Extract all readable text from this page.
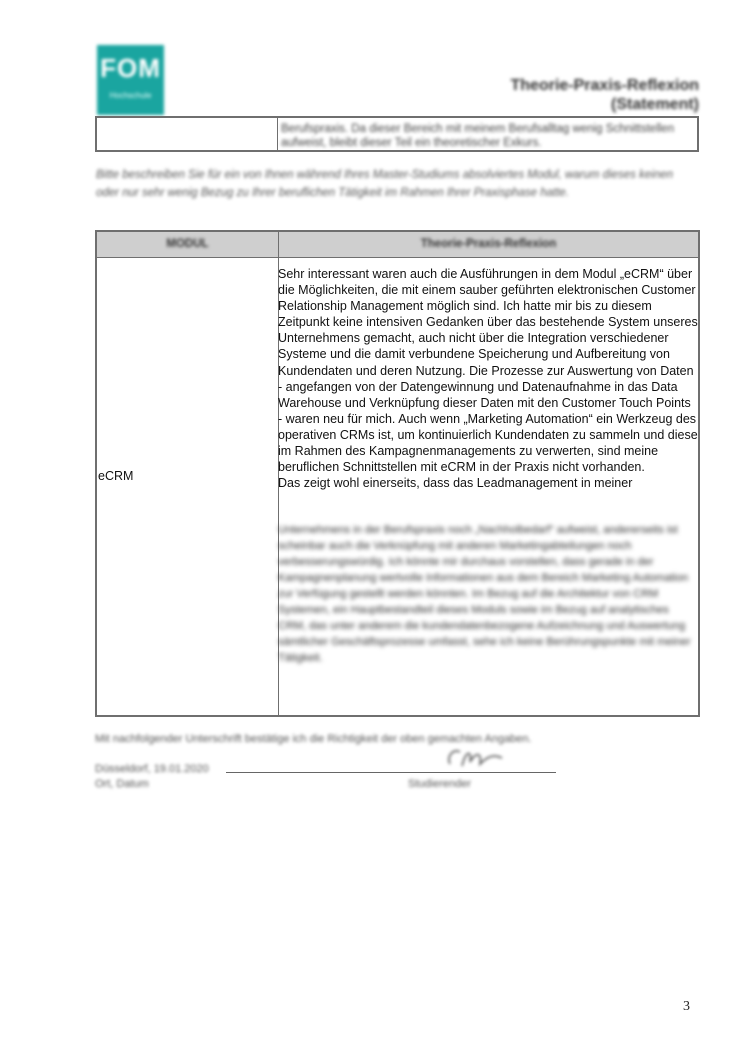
FOM
Hochschule
Theorie-Praxis-Reflexion
(Statement)
Berufspraxis. Da dieser Bereich mit meinem Berufsalltag wenig Schnittstellen aufweist, bleibt dieser Teil ein theoretischer Exkurs.
Bitte beschreiben Sie für ein von Ihnen während Ihres Master-Studiums absolviertes Modul, warum dieses keinen oder nur sehr wenig Bezug zu Ihrer beruflichen Tätigkeit im Rahmen Ihrer Praxisphase hatte.
MODUL	Theorie-Praxis-Reflexion
eCRM
Sehr interessant waren auch die Ausführungen in dem Modul „eCRM“ über die Möglichkeiten, die mit einem sauber geführten elektronischen Customer Relationship Management möglich sind. Ich hatte mir bis zu diesem Zeitpunkt keine intensiven Gedanken über das bestehende System unseres Unternehmens gemacht, auch nicht über die Integration verschiedener Systeme und die damit verbundene Speicherung und Aufbereitung von Kundendaten und deren Nutzung. Die Prozesse zur Auswertung von Daten - angefangen von der Datengewinnung und Datenaufnahme in das Data Warehouse und Verknüpfung dieser Daten mit den Customer Touch Points - waren neu für mich. Auch wenn „Marketing Automation“ ein Werkzeug des operativen CRMs ist, um kontinuierlich Kundendaten zu sammeln und diese im Rahmen des Kampagnenmanagements zu verwerten, sind meine beruflichen Schnittstellen mit eCRM in der Praxis nicht vorhanden.
Das zeigt wohl einerseits, dass das Leadmanagement in meiner
Unternehmens in der Berufspraxis noch „Nachholbedarf“ aufweist, andererseits ist scheinbar auch die Verknüpfung mit anderen Marketingabteilungen noch verbesserungswürdig. Ich könnte mir durchaus vorstellen, dass gerade in der Kampagnenplanung wertvolle Informationen aus dem Bereich Marketing Automation zur Verfügung gestellt werden könnten. Im Bezug auf die Architektur von CRM Systemen, ein Hauptbestandteil dieses Moduls sowie im Bezug auf analytisches CRM, das unter anderem die kundendatenbezogene Aufzeichnung und Auswertung sämtlicher Geschäftsprozesse umfasst, sehe ich keine Berührungspunkte mit meiner Tätigkeit.
Mit nachfolgender Unterschrift bestätige ich die Richtigkeit der oben gemachten Angaben.
Düsseldorf, 19.01.2020
Ort, Datum	Studierender
3
